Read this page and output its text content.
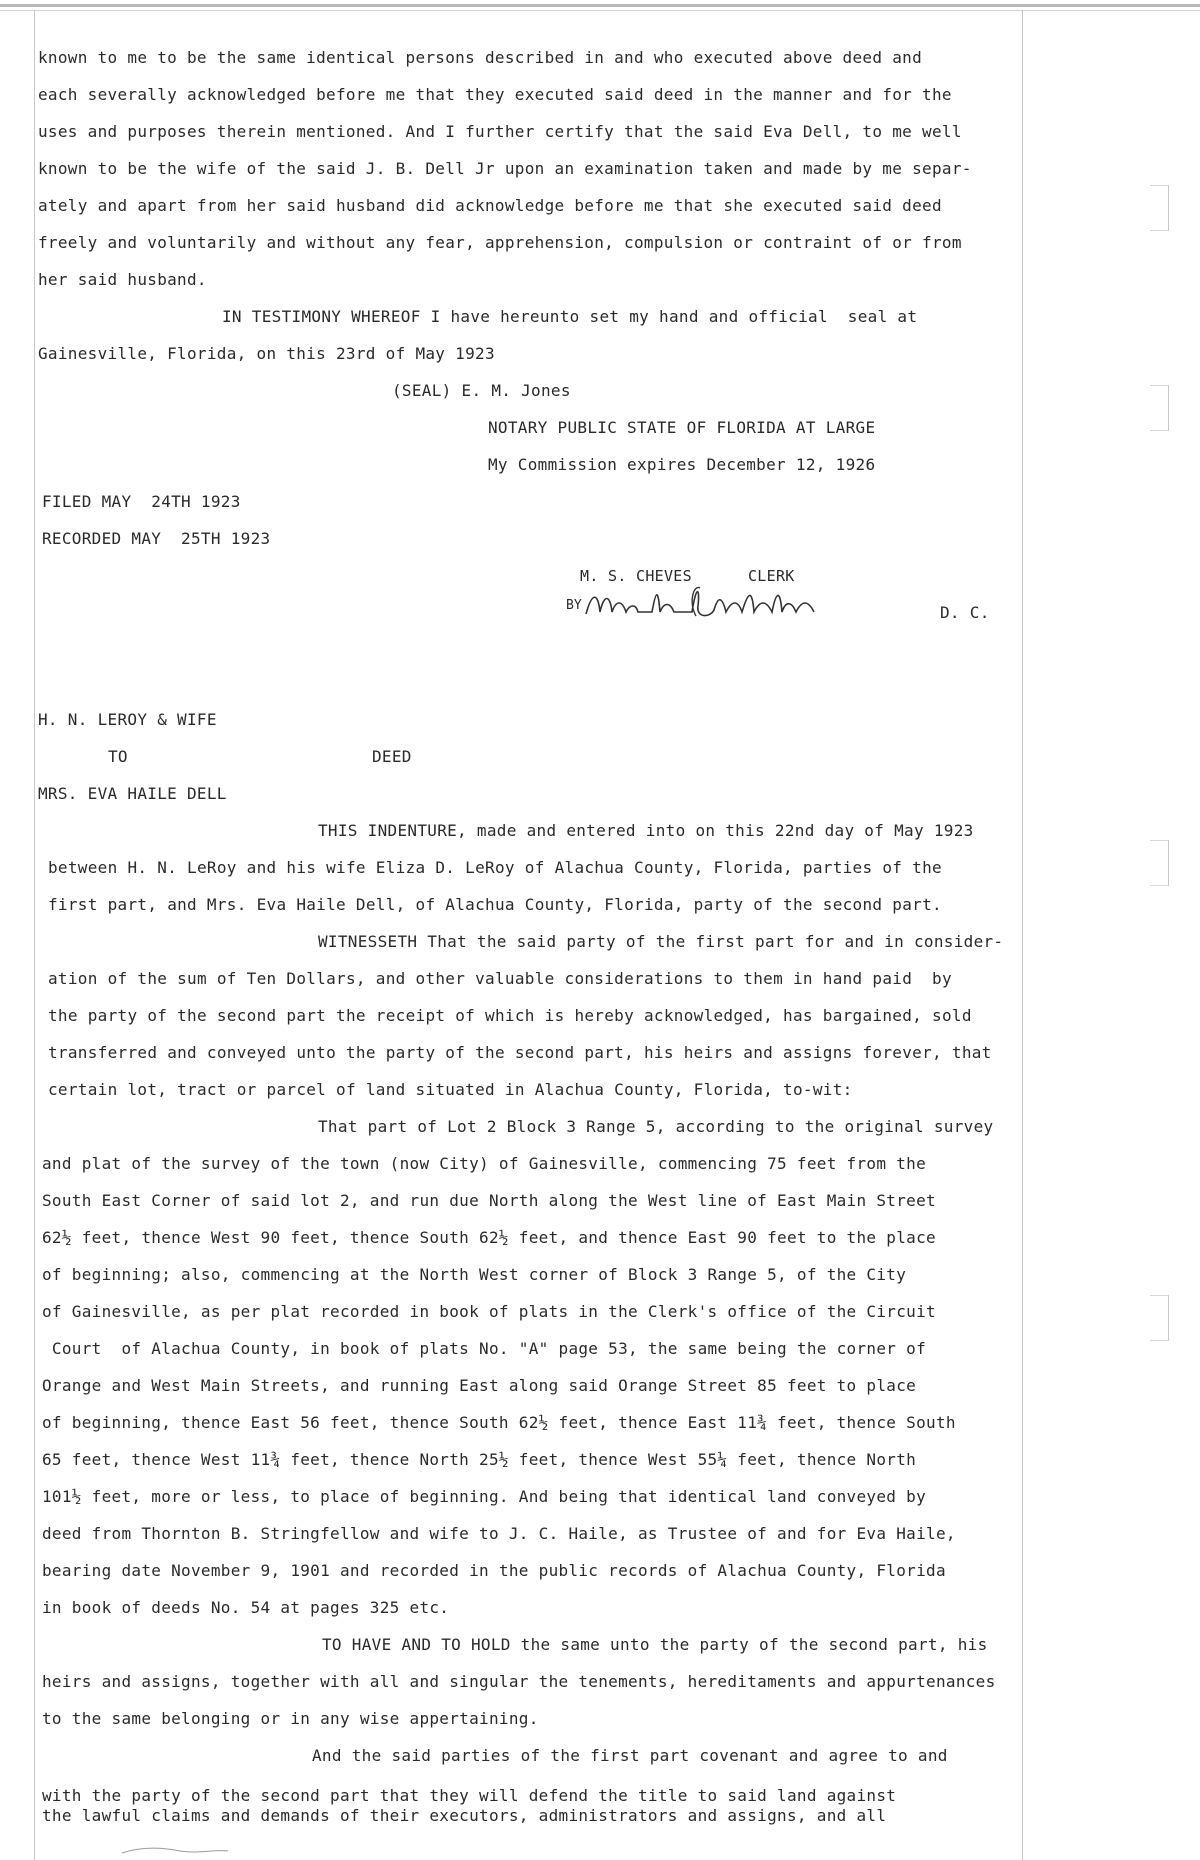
known to me to be the same identical persons described in and who executed above deed and
each severally acknowledged before me that they executed said deed in the manner and for the
uses and purposes therein mentioned. And I further certify that the said Eva Dell, to me well
known to be the wife of the said J. B. Dell Jr upon an examination taken and made by me separ-
ately and apart from her said husband did acknowledge before me that she executed said deed
freely and voluntarily and without any fear, apprehension, compulsion or contraint of or from
her said husband.
IN TESTIMONY WHEREOF I have hereunto set my hand and official  seal at
Gainesville, Florida, on this 23rd of May 1923
(SEAL) E. M. Jones
NOTARY PUBLIC STATE OF FLORIDA AT LARGE
My Commission expires December 12, 1926
FILED MAY  24TH 1923
RECORDED MAY  25TH 1923
M. S. CHEVES      CLERK
BY	D. C.
H. N. LEROY & WIFE
TO	DEED
MRS. EVA HAILE DELL
THIS INDENTURE, made and entered into on this 22nd day of May 1923
between H. N. LeRoy and his wife Eliza D. LeRoy of Alachua County, Florida, parties of the
first part, and Mrs. Eva Haile Dell, of Alachua County, Florida, party of the second part.
WITNESSETH That the said party of the first part for and in consider-
ation of the sum of Ten Dollars, and other valuable considerations to them in hand paid  by
the party of the second part the receipt of which is hereby acknowledged, has bargained, sold
transferred and conveyed unto the party of the second part, his heirs and assigns forever, that
certain lot, tract or parcel of land situated in Alachua County, Florida, to-wit:
That part of Lot 2 Block 3 Range 5, according to the original survey
and plat of the survey of the town (now City) of Gainesville, commencing 75 feet from the
South East Corner of said lot 2, and run due North along the West line of East Main Street
62½ feet, thence West 90 feet, thence South 62½ feet, and thence East 90 feet to the place
of beginning; also, commencing at the North West corner of Block 3 Range 5, of the City
of Gainesville, as per plat recorded in book of plats in the Clerk's office of the Circuit
Court  of Alachua County, in book of plats No. "A" page 53, the same being the corner of
Orange and West Main Streets, and running East along said Orange Street 85 feet to place
of beginning, thence East 56 feet, thence South 62½ feet, thence East 11¾ feet, thence South
65 feet, thence West 11¾ feet, thence North 25½ feet, thence West 55¼ feet, thence North
101½ feet, more or less, to place of beginning. And being that identical land conveyed by
deed from Thornton B. Stringfellow and wife to J. C. Haile, as Trustee of and for Eva Haile,
bearing date November 9, 1901 and recorded in the public records of Alachua County, Florida
in book of deeds No. 54 at pages 325 etc.
TO HAVE AND TO HOLD the same unto the party of the second part, his
heirs and assigns, together with all and singular the tenements, hereditaments and appurtenances
to the same belonging or in any wise appertaining.
And the said parties of the first part covenant and agree to and
with the party of the second part that they will defend the title to said land against
the lawful claims and demands of their executors, administrators and assigns, and all
